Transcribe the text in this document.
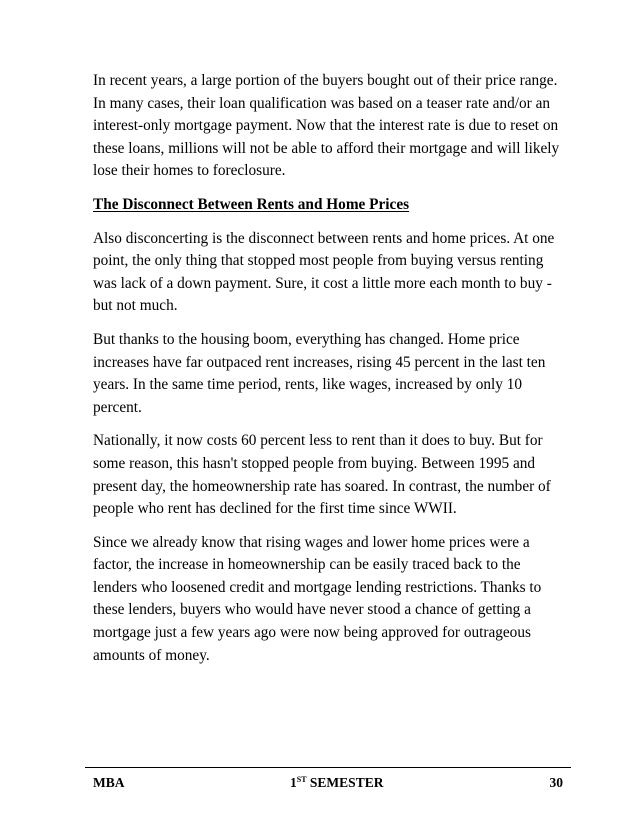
In recent years, a large portion of the buyers bought out of their price range.
In many cases, their loan qualification was based on a teaser rate and/or an
interest-only mortgage payment. Now that the interest rate is due to reset on
these loans, millions will not be able to afford their mortgage and will likely
lose their homes to foreclosure.

The Disconnect Between Rents and Home Prices

Also disconcerting is the disconnect between rents and home prices. At one
point, the only thing that stopped most people from buying versus renting
was lack of a down payment. Sure, it cost a little more each month to buy -
but not much.

But thanks to the housing boom, everything has changed. Home price
increases have far outpaced rent increases, rising 45 percent in the last ten
years. In the same time period, rents, like wages, increased by only 10
percent.

Nationally, it now costs 60 percent less to rent than it does to buy. But for
some reason, this hasn't stopped people from buying. Between 1995 and
present day, the homeownership rate has soared. In contrast, the number of
people who rent has declined for the first time since WWII.

Since we already know that rising wages and lower home prices were a
factor, the increase in homeownership can be easily traced back to the
lenders who loosened credit and mortgage lending restrictions. Thanks to
these lenders, buyers who would have never stood a chance of getting a
mortgage just a few years ago were now being approved for outrageous
amounts of money.

MBA	1ST SEMESTER	30
